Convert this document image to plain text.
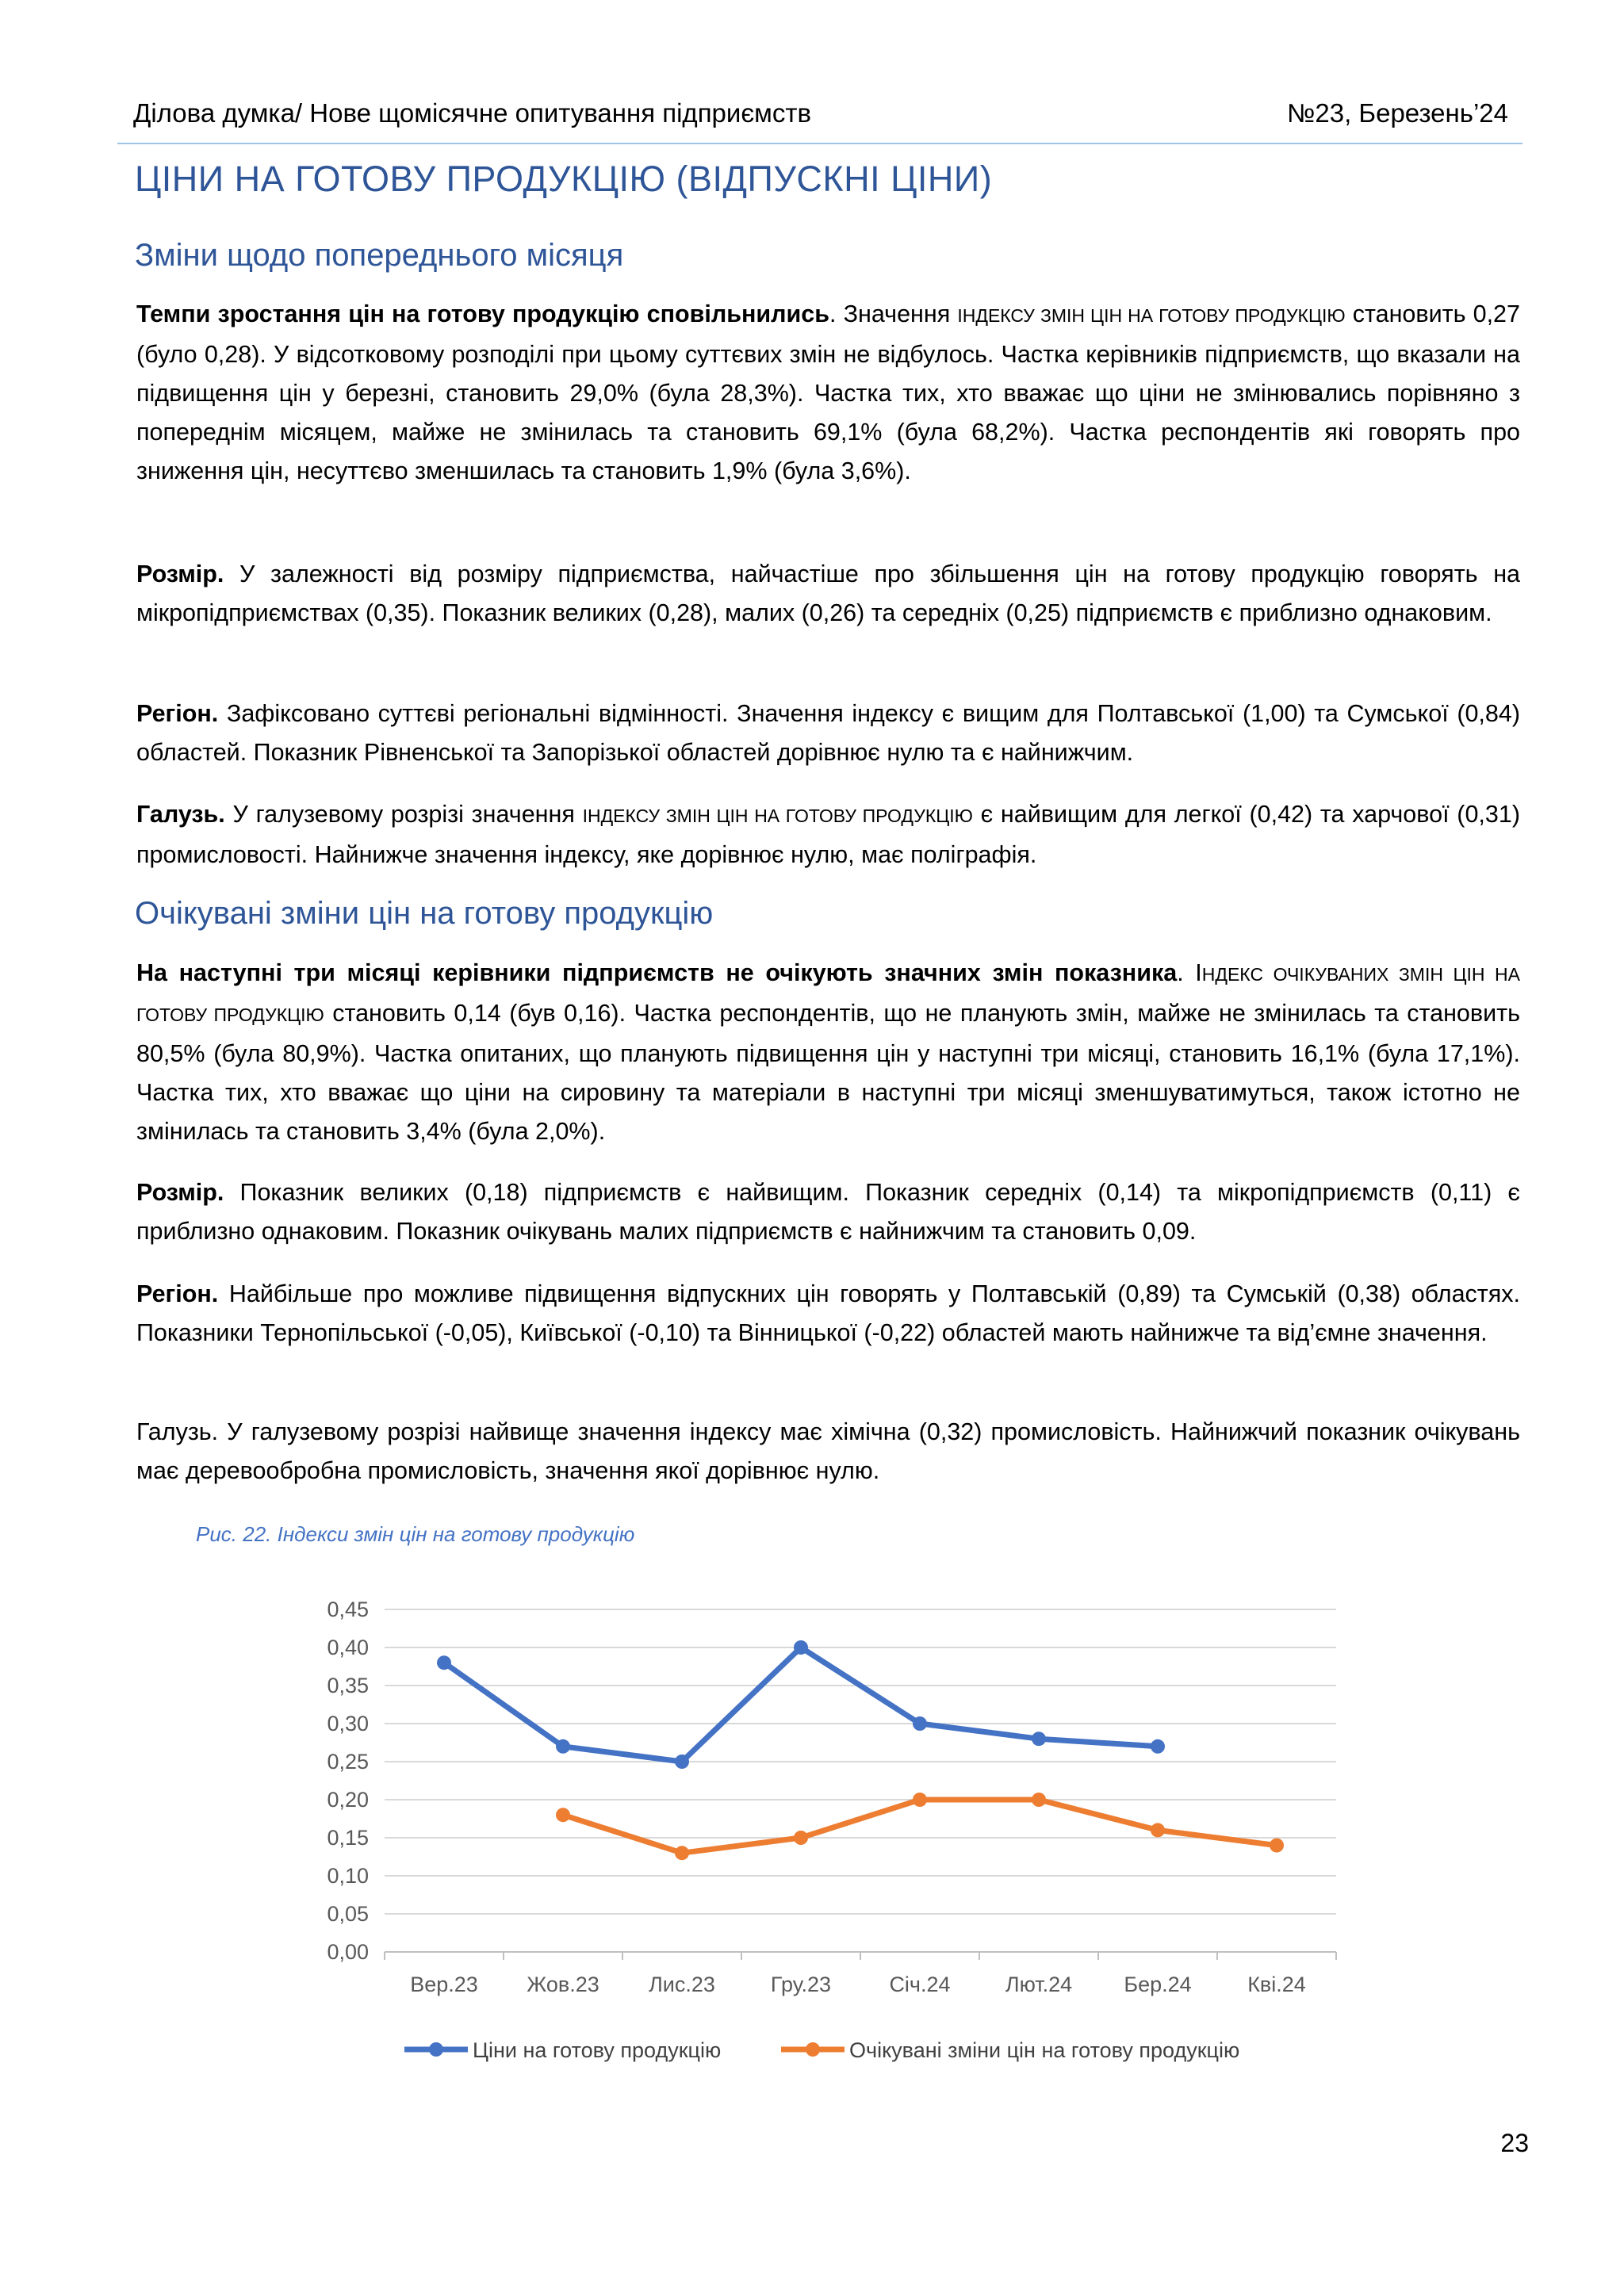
Ділова думка/ Нове щомісячне опитування підприємств	№23, Березень’24
ЦІНИ НА ГОТОВУ ПРОДУКЦІЮ (ВІДПУСКНІ ЦІНИ)
Зміни щодо попереднього місяця
Темпи зростання цін на готову продукцію сповільнились. Значення ІНДЕКСУ ЗМІН ЦІН НА ГОТОВУ ПРОДУКЦІЮ становить 0,27 (було 0,28). У відсотковому розподілі при цьому суттєвих змін не відбулось. Частка керівників підприємств, що вказали на підвищення цін у березні, становить 29,0% (була 28,3%). Частка тих, хто вважає що ціни не змінювались порівняно з попереднім місяцем, майже не змінилась та становить 69,1% (була 68,2%). Частка респондентів які говорять про зниження цін, несуттєво зменшилась та становить 1,9% (була 3,6%).
Розмір. У залежності від розміру підприємства, найчастіше про збільшення цін на готову продукцію говорять на мікропідприємствах (0,35). Показник великих (0,28), малих (0,26) та середніх (0,25) підприємств є приблизно однаковим.
Регіон. Зафіксовано суттєві регіональні відмінності. Значення індексу є вищим для Полтавської (1,00) та Сумської (0,84) областей. Показник Рівненської та Запорізької областей дорівнює нулю та є найнижчим.
Галузь. У галузевому розрізі значення ІНДЕКСУ ЗМІН ЦІН НА ГОТОВУ ПРОДУКЦІЮ є найвищим для легкої (0,42) та харчової (0,31) промисловості. Найнижче значення індексу, яке дорівнює нулю, має поліграфія.
Очікувані зміни цін на готову продукцію
На наступні три місяці керівники підприємств не очікують значних змін показника. ІНДЕКС ОЧІКУВАНИХ ЗМІН ЦІН НА ГОТОВУ ПРОДУКЦІЮ становить 0,14 (був 0,16). Частка респондентів, що не планують змін, майже не змінилась та становить 80,5% (була 80,9%). Частка опитаних, що планують підвищення цін у наступні три місяці, становить 16,1% (була 17,1%). Частка тих, хто вважає що ціни на сировину та матеріали в наступні три місяці зменшуватимуться, також істотно не змінилась та становить 3,4% (була 2,0%).
Розмір. Показник великих (0,18) підприємств є найвищим. Показник середніх (0,14) та мікропідприємств (0,11) є приблизно однаковим. Показник очікувань малих підприємств є найнижчим та становить 0,09.
Регіон. Найбільше про можливе підвищення відпускних цін говорять у Полтавській (0,89) та Сумській (0,38) областях. Показники Тернопільської (-0,05), Київської (-0,10) та Вінницької (-0,22) областей мають найнижче та від’ємне значення.
Галузь. У галузевому розрізі найвище значення індексу має хімічна (0,32) промисловість. Найнижчий показник очікувань має деревообробна промисловість, значення якої дорівнює нулю.
Рис. 22. Індекси змін цін на готову продукцію
0,00
0,05
0,10
0,15
0,20
0,25
0,30
0,35
0,40
0,45
Вер.23 Жов.23 Лис.23	Гру.23	Січ.24	Лют.24 Бер.24	Кві.24
Ціни на готову продукцію	Очікувані зміни цін на готову продукцію
23
